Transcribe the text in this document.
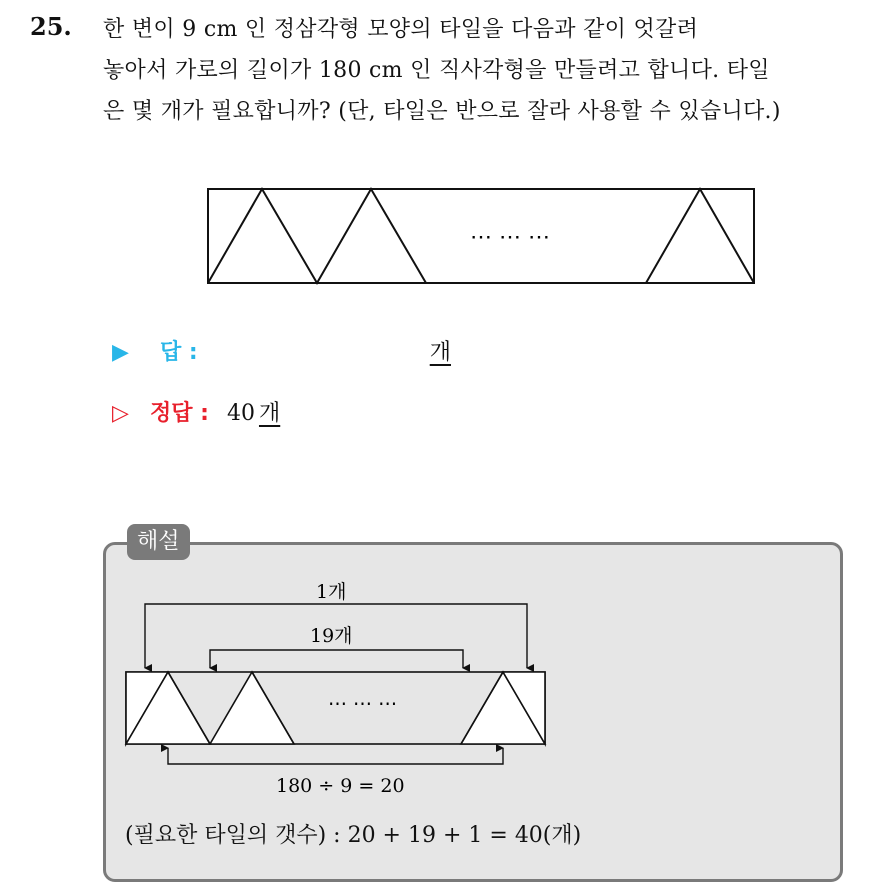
25. 한 변이 9 cm 인 정삼각형 모양의 타일을 다음과 같이 엇갈려
놓아서 가로의 길이가 180 cm 인 직사각형을 만들려고 합니다. 타일
은 몇 개가 필요합니까? (단, 타일은 반으로 잘라 사용할 수 있습니다.)
⋯ ⋯ ⋯
▶	답 :	개
▷ 정답 : 40 개
해설
1개
19개
⋯ ⋯ ⋯
180 ÷ 9 = 20
(필요한 타일의 갯수) : 20 + 19 + 1 = 40(개)
